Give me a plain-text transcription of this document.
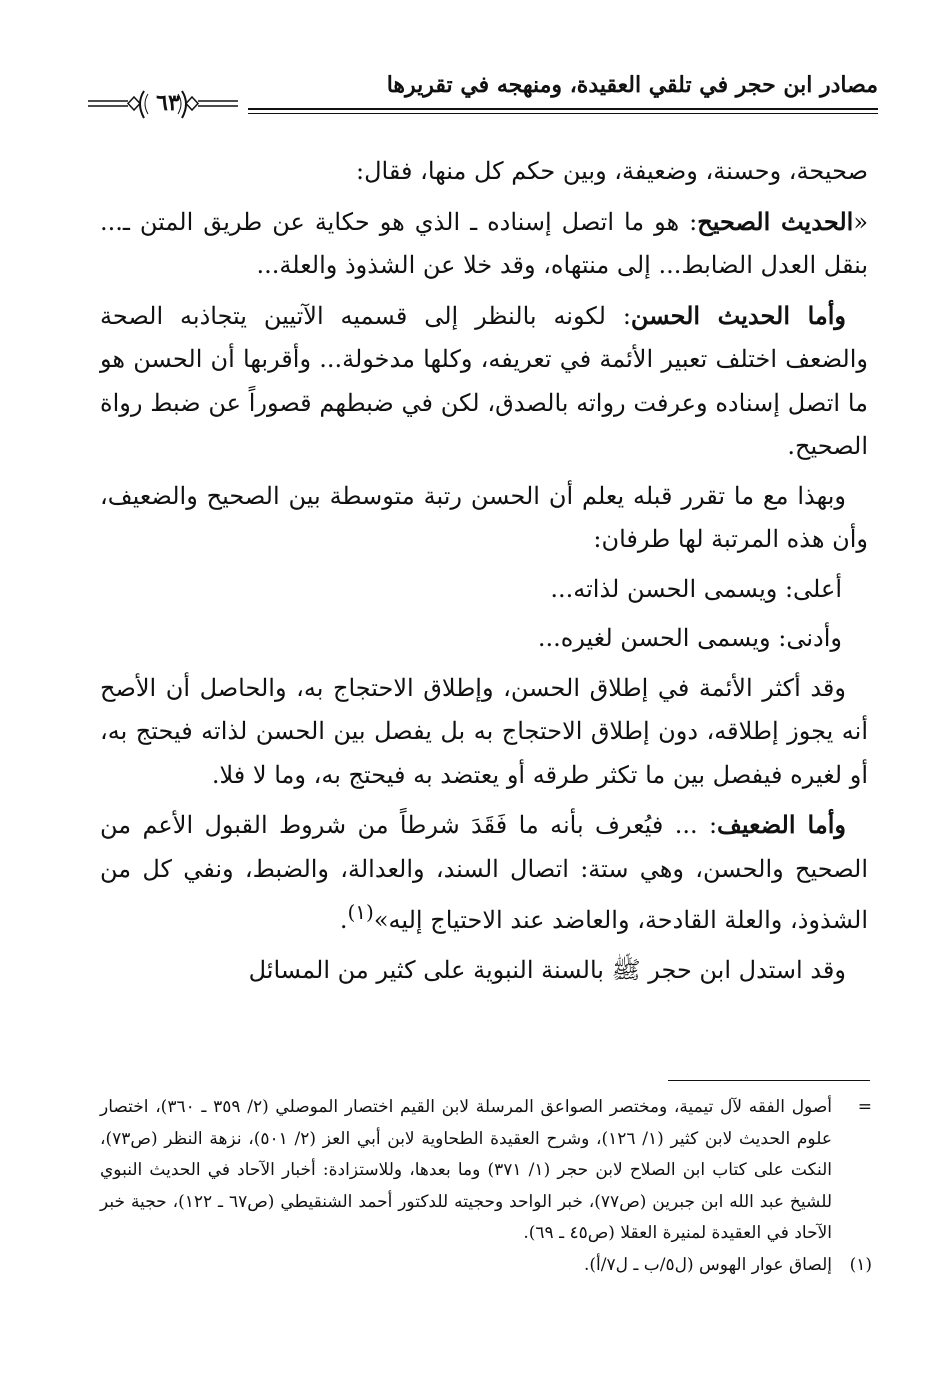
مصادر ابن حجر في تلقي العقيدة، ومنهجه في تقريرها
٦٣

صحيحة، وحسنة، وضعيفة، وبين حكم كل منها، فقال:

«الحديث الصحيح: هو ما اتصل إسناده ـ الذي هو حكاية عن طريق المتن ـ... بنقل العدل الضابط... إلى منتهاه، وقد خلا عن الشذوذ والعلة...

وأما الحديث الحسن: لكونه بالنظر إلى قسميه الآتيين يتجاذبه الصحة والضعف اختلف تعبير الأئمة في تعريفه، وكلها مدخولة... وأقربها أن الحسن هو ما اتصل إسناده وعرفت رواته بالصدق، لكن في ضبطهم قصوراً عن ضبط رواة الصحيح.

وبهذا مع ما تقرر قبله يعلم أن الحسن رتبة متوسطة بين الصحيح والضعيف، وأن هذه المرتبة لها طرفان:

أعلى: ويسمى الحسن لذاته...

وأدنى: ويسمى الحسن لغيره...

وقد أكثر الأئمة في إطلاق الحسن، وإطلاق الاحتجاج به، والحاصل أن الأصح أنه يجوز إطلاقه، دون إطلاق الاحتجاج به بل يفصل بين الحسن لذاته فيحتج به، أو لغيره فيفصل بين ما تكثر طرقه أو يعتضد به فيحتج به، وما لا فلا.

وأما الضعيف: ... فيُعرف بأنه ما فَقَدَ شرطاً من شروط القبول الأعم من الصحيح والحسن، وهي ستة: اتصال السند، والعدالة، والضبط، ونفي كل من الشذوذ، والعلة القادحة، والعاضد عند الاحتياج إليه»$^{(١)}$.

وقد استدل ابن حجر ﷺ بالسنة النبوية على كثير من المسائل

=
أصول الفقه لآل تيمية، ومختصر الصواعق المرسلة لابن القيم اختصار الموصلي (٢/ ٣٥٩ ـ ٣٦٠)، اختصار علوم الحديث لابن كثير (١/ ١٢٦)، وشرح العقيدة الطحاوية لابن أبي العز (٢/ ٥٠١)، نزهة النظر (ص٧٣)، النكت على كتاب ابن الصلاح لابن حجر (١/ ٣٧١) وما بعدها، وللاستزادة: أخبار الآحاد في الحديث النبوي للشيخ عبد الله ابن جبرين (ص٧٧)، خبر الواحد وحجيته للدكتور أحمد الشنقيطي (ص٦٧ ـ ١٢٢)، حجية خبر الآحاد في العقيدة لمنيرة العقلا (ص٤٥ ـ ٦٩).
(١)
إلصاق عوار الهوس (ل٥/ب ـ ل٧/أ).
